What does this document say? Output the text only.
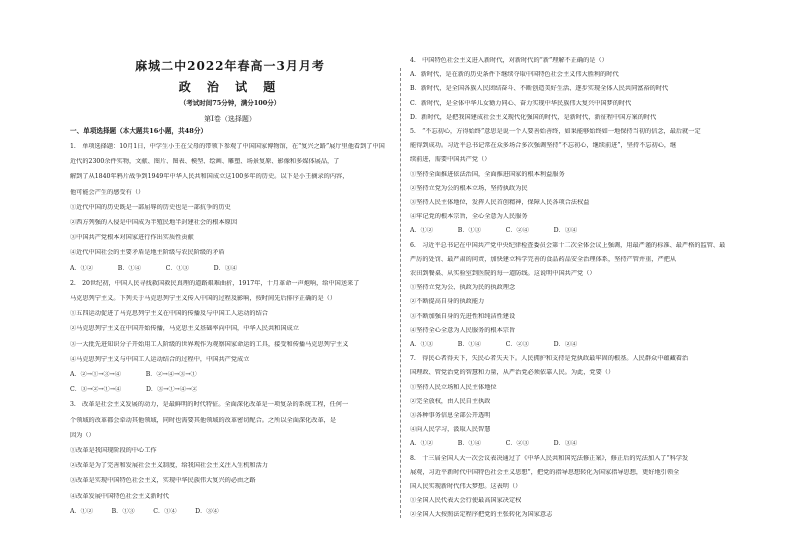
麻城二中2022年春高一3月月考
政 治 试 题
（考试时间75分钟，满分100分）
第Ⅰ卷（选择题）
一、单项选择题（本大题共16小题，共48分）
1.　单项选择题：10月1日，中学生小王在父母的带领下参观了中国国家博物馆，在“复兴之路”展厅里他看到了中国
近代的2300余件实物，文献、图片、图表、模型、绘画、雕塑、场景复原、影像和多媒体展品，了
解到了从1840年鸦片战争到1949年中华人民共和国成立这100多年的历史。以下是小王摘录的内容，
他可能会产生的感受有（）
①近代中国的历史既是一部屈辱的历史也是一部抗争的历史
②西方列强的入侵是中国成为半殖民地半封建社会的根本原因
③中国共产党根本对国家进行作出实质性贡献
④近代中国社会的主要矛盾是地主阶级与农民阶级的矛盾
A．①②　　　　B．①④　　　　C．①③　　　　D．③④
2.　20世纪初，中国人民寻找救国救民真理的道路艰难曲折，1917年，十月革命一声炮响，给中国送来了
马克思列宁主义。下列关于马克思列宁主义传入中国的过程及影响，按时间先后排序正确的是（）
①五四运动促进了马克思列宁主义在中国的传播及与中国工人运动的结合
②马克思列宁主义在中国开始传播，马克思主义基础率向中国，中华人民共和国成立
③一大批先进知识分子开始用工人阶级的世界观作为观察国家命运的工具，接受和传播马克思列宁主义
④马克思列宁主义与中国工人运动结合的过程中，中国共产党成立
A．②→①→③→④　　　　B．②→④→③→①
C．③→②→①→④　　　　D．③→①→④→②
3.　改革是社会主义发展的动力，是最鲜明的时代特征。全面深化改革是一项复杂的系统工程，任何一
个领域的改革都会牵动其他领域，同时也需要其他领域的改革密切配合。之所以全面深化改革，是
因为（）
①改革是我国现阶段的中心工作
②改革是为了完善和发展社会主义制度，给我国社会主义注入生机和活力
③改革是实现中国特色社会主义，实现中华民族伟大复兴的必由之路
④改革发展中国特色社会主义新时代
A．①②　　　B．①③　　　C．①④　　　D．③④
4.　中国特色社会主义进入新时代，对新时代的“新”理解不正确的是（）
A．新时代，是在新的历史条件下继续夺取中国特色社会主义伟大胜利的时代
B．新时代，是全国各族人民团结奋斗、不断创造美好生活、逐步实现全体人民共同富裕的时代
C．新时代，是全体中华儿女勠力同心、奋力实现中华民族伟大复兴中国梦的时代
D．新时代，是把我国建成社会主义现代化强国的时代，是新时代，新征程中国方案的时代
5.　“不忘初心，方得始终”意思是说一个人要善始善终，如果能够始终如一地保持当初的信念，最后就一定
能得到成功。习近平总书记常在众多场合多次强调坚持“不忘初心，继续前进”，坚持不忘初心，继
续前进，需要中国共产党（）
①坚持全面推进依法治国，全面推进国家的根本利益服务
②坚持立党为公的根本立场，坚持执政为民
③坚持人民主体地位，发挥人民首创精神，保障人民各项合法权益
④牢记党的根本宗旨，全心全意为人民服务
A．①②　　　　B．①③　　　　C．②④　　　　D．③④
6.　习近平总书记在中国共产党中央纪律检查委员会第十二次全体会议上强调，用最严谨的标准、最严格的监管、最
严厉的处罚、最严肃的问责，加快建立科学完善的食品药品安全治理体系，坚持产管并重，严把从
农田到餐桌、从实验室到医院的每一道防线。这说明中国共产党（）
①坚持立党为公、执政为民的执政理念
②不断提高自身的执政能力
③不断加强自身的先进性和纯洁性建设
④坚持全心全意为人民服务的根本宗旨
A．①③　　　　B．①④　　　　C．②③　　　　D．②④
7.　得民心者得天下，失民心者失天下。人民拥护和支持是党执政最牢固的根基。人民群众中蕴藏着治
国理政、管党治党的智慧和力量，从严治党必须依靠人民。为此，党要（）
①坚持人民立场和人民主体地位
②完全放权，由人民自主执政
③各种事务信息全部公开透明
④向人民学习，汲取人民智慧
A．①②　　　　B．①④　　　　C．②③　　　　D．③④
8.　十三届全国人大一次会议表决通过了《中华人民共和国宪法修正案》，修正后的宪法加入了“科学发
展观，习近平新时代中国特色社会主义思想”，把党的指导思想转化为国家指导思想，更好地引领全
国人民实现新时代伟大梦想。这表明（）
①全国人民代表大会行使最高国家决定权
②全国人大按照法定程序把党的主张转化为国家意志
